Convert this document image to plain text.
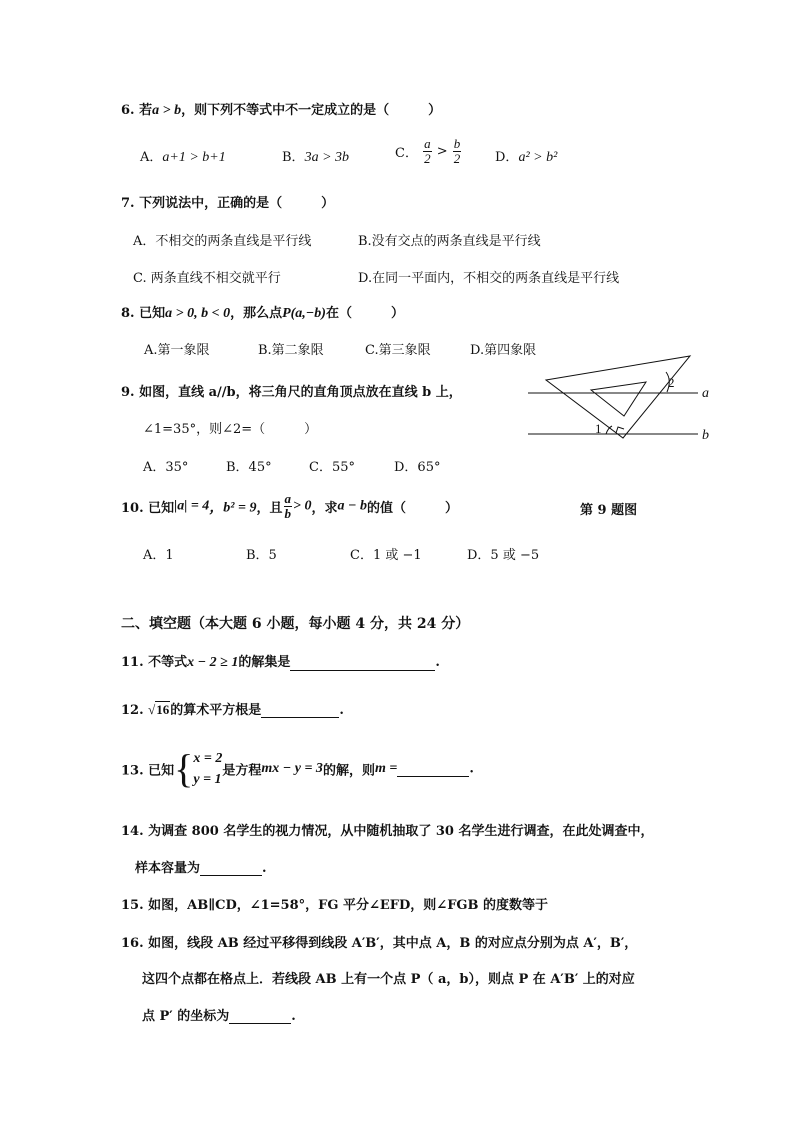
6. 若a > b，则下列不等式中不一定成立的是（　　　）
A．a+1 > b+1	B．3a > 3b	C． $\frac{a}{2} > \frac{b}{2}$	D．a² > b²
7. 下列说法中，正确的是（　　　）
A．不相交的两条直线是平行线	B.没有交点的两条直线是平行线
C. 两条直线不相交就平行	D.在同一平面内，不相交的两条直线是平行线
8. 已知a > 0, b < 0，那么点P(a,−b)在（　　　）
A.第一象限	B.第二象限	C.第三象限	D.第四象限
9. 如图，直线 a//b，将三角尺的直角顶点放在直线 b 上，
∠1=35°，则∠2=（　　　）
A．35°	B．45°	C．55°	D．65°
a
b
1
2
第 9 题图
10. 已知|a| = 4，b² = 9，且 $\frac{a}{b} > 0$，求a − b的值（　　　）
A．1	B．5	C．1 或 −1	D．5 或 −5
二、填空题（本大题 6 小题，每小题 4 分，共 24 分）
11. 不等式x − 2 ≥ 1的解集是	.
12. √16的算术平方根是	.
13. 已知{ x = 2
y = 1
是方程mx − y = 3的解，则m =	.
14. 为调查 800 名学生的视力情况，从中随机抽取了 30 名学生进行调查，在此处调查中，
样本容量为	.
15. 如图，AB∥CD，∠1=58°，FG 平分∠EFD，则∠FGB 的度数等于
16. 如图，线段 AB 经过平移得到线段 A′B′，其中点 A，B 的对应点分别为点 A′，B′，
这四个点都在格点上．若线段 AB 上有一个点 P（ a，b），则点 P 在 A′B′ 上的对应
点 P′ 的坐标为	.
